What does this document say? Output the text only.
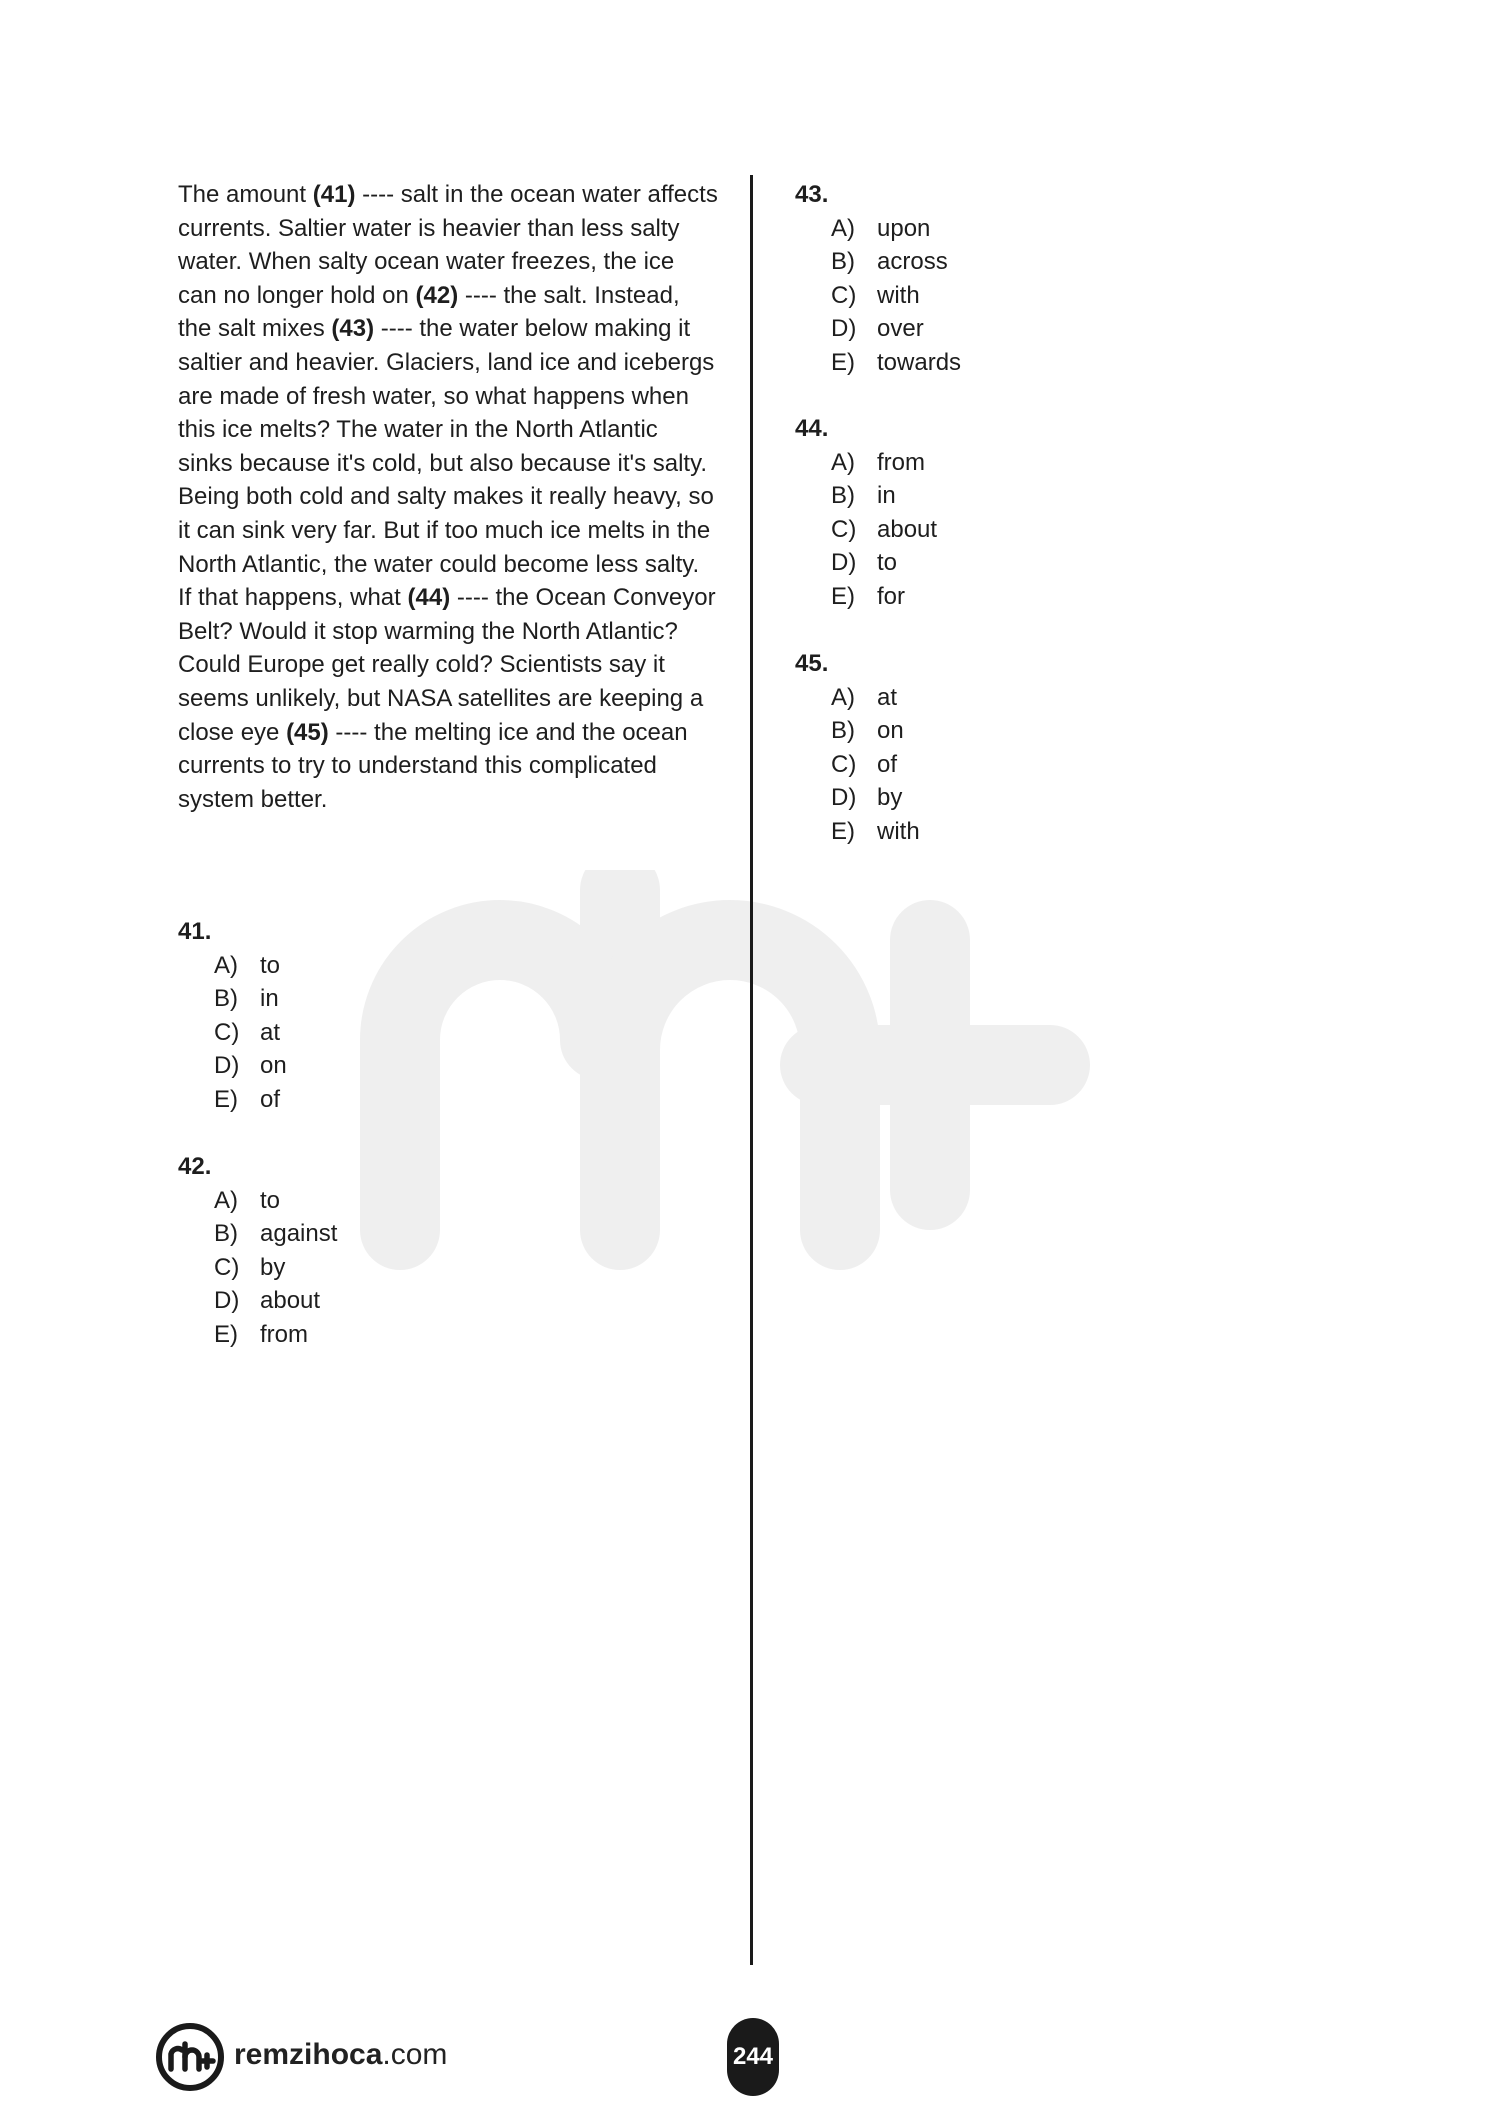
The amount (41) ---- salt in the ocean water affects currents. Saltier water is heavier than less salty water. When salty ocean water freezes, the ice can no longer hold on (42) ---- the salt. Instead, the salt mixes (43) ---- the water below making it saltier and heavier. Glaciers, land ice and icebergs are made of fresh water, so what happens when this ice melts? The water in the North Atlantic sinks because it's cold, but also because it's salty. Being both cold and salty makes it really heavy, so it can sink very far. But if too much ice melts in the North Atlantic, the water could become less salty. If that happens, what (44) ---- the Ocean Conveyor Belt? Would it stop warming the North Atlantic? Could Europe get really cold? Scientists say it seems unlikely, but NASA satellites are keeping a close eye (45) ---- the melting ice and the ocean currents to try to understand this complicated system better.

41.
A) to
B) in
C) at
D) on
E) of
42.
A) to
B) against
C) by
D) about
E) from
43.
A) upon
B) across
C) with
D) over
E) towards
44.
A) from
B) in
C) about
D) to
E) for
45.
A) at
B) on
C) of
D) by
E) with
remzihoca.com	244
